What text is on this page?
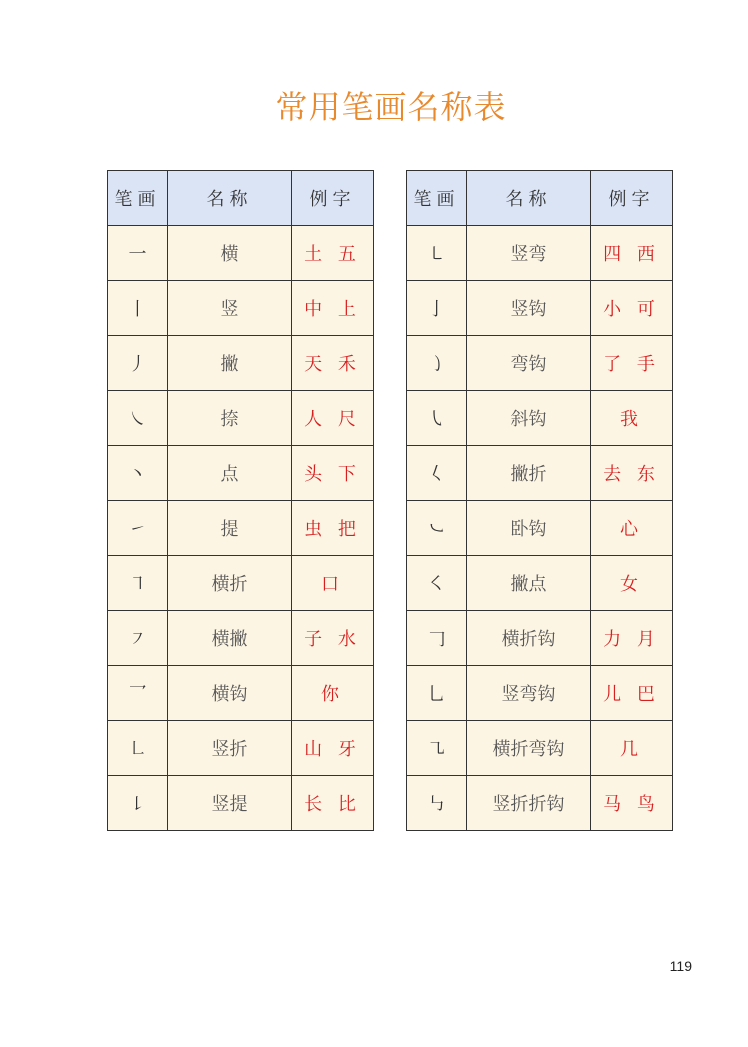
常用笔画名称表
笔画	名称	例字
一	横	土 五
丨	竖	中 上
丿	撇	天 禾
㇏	捺	人 尺
丶	点	头 下
㇀	提	虫 把
㇕	横折	口
㇇	横撇	子 水
乛	横钩	你
㇗	竖折	山 牙
㇙	竖提	长 比
笔画	名称	例字
㇄	竖弯	四 西
亅	竖钩	小 可
㇁	弯钩	了 手
㇂	斜钩	我
𡿨	撇折	去 东
㇃	卧钩	心
㇛	撇点	女
𠃌	横折钩	力 月
乚	竖弯钩	儿 巴
㇈	横折弯钩	几
㇉	竖折折钩	马 鸟
119
